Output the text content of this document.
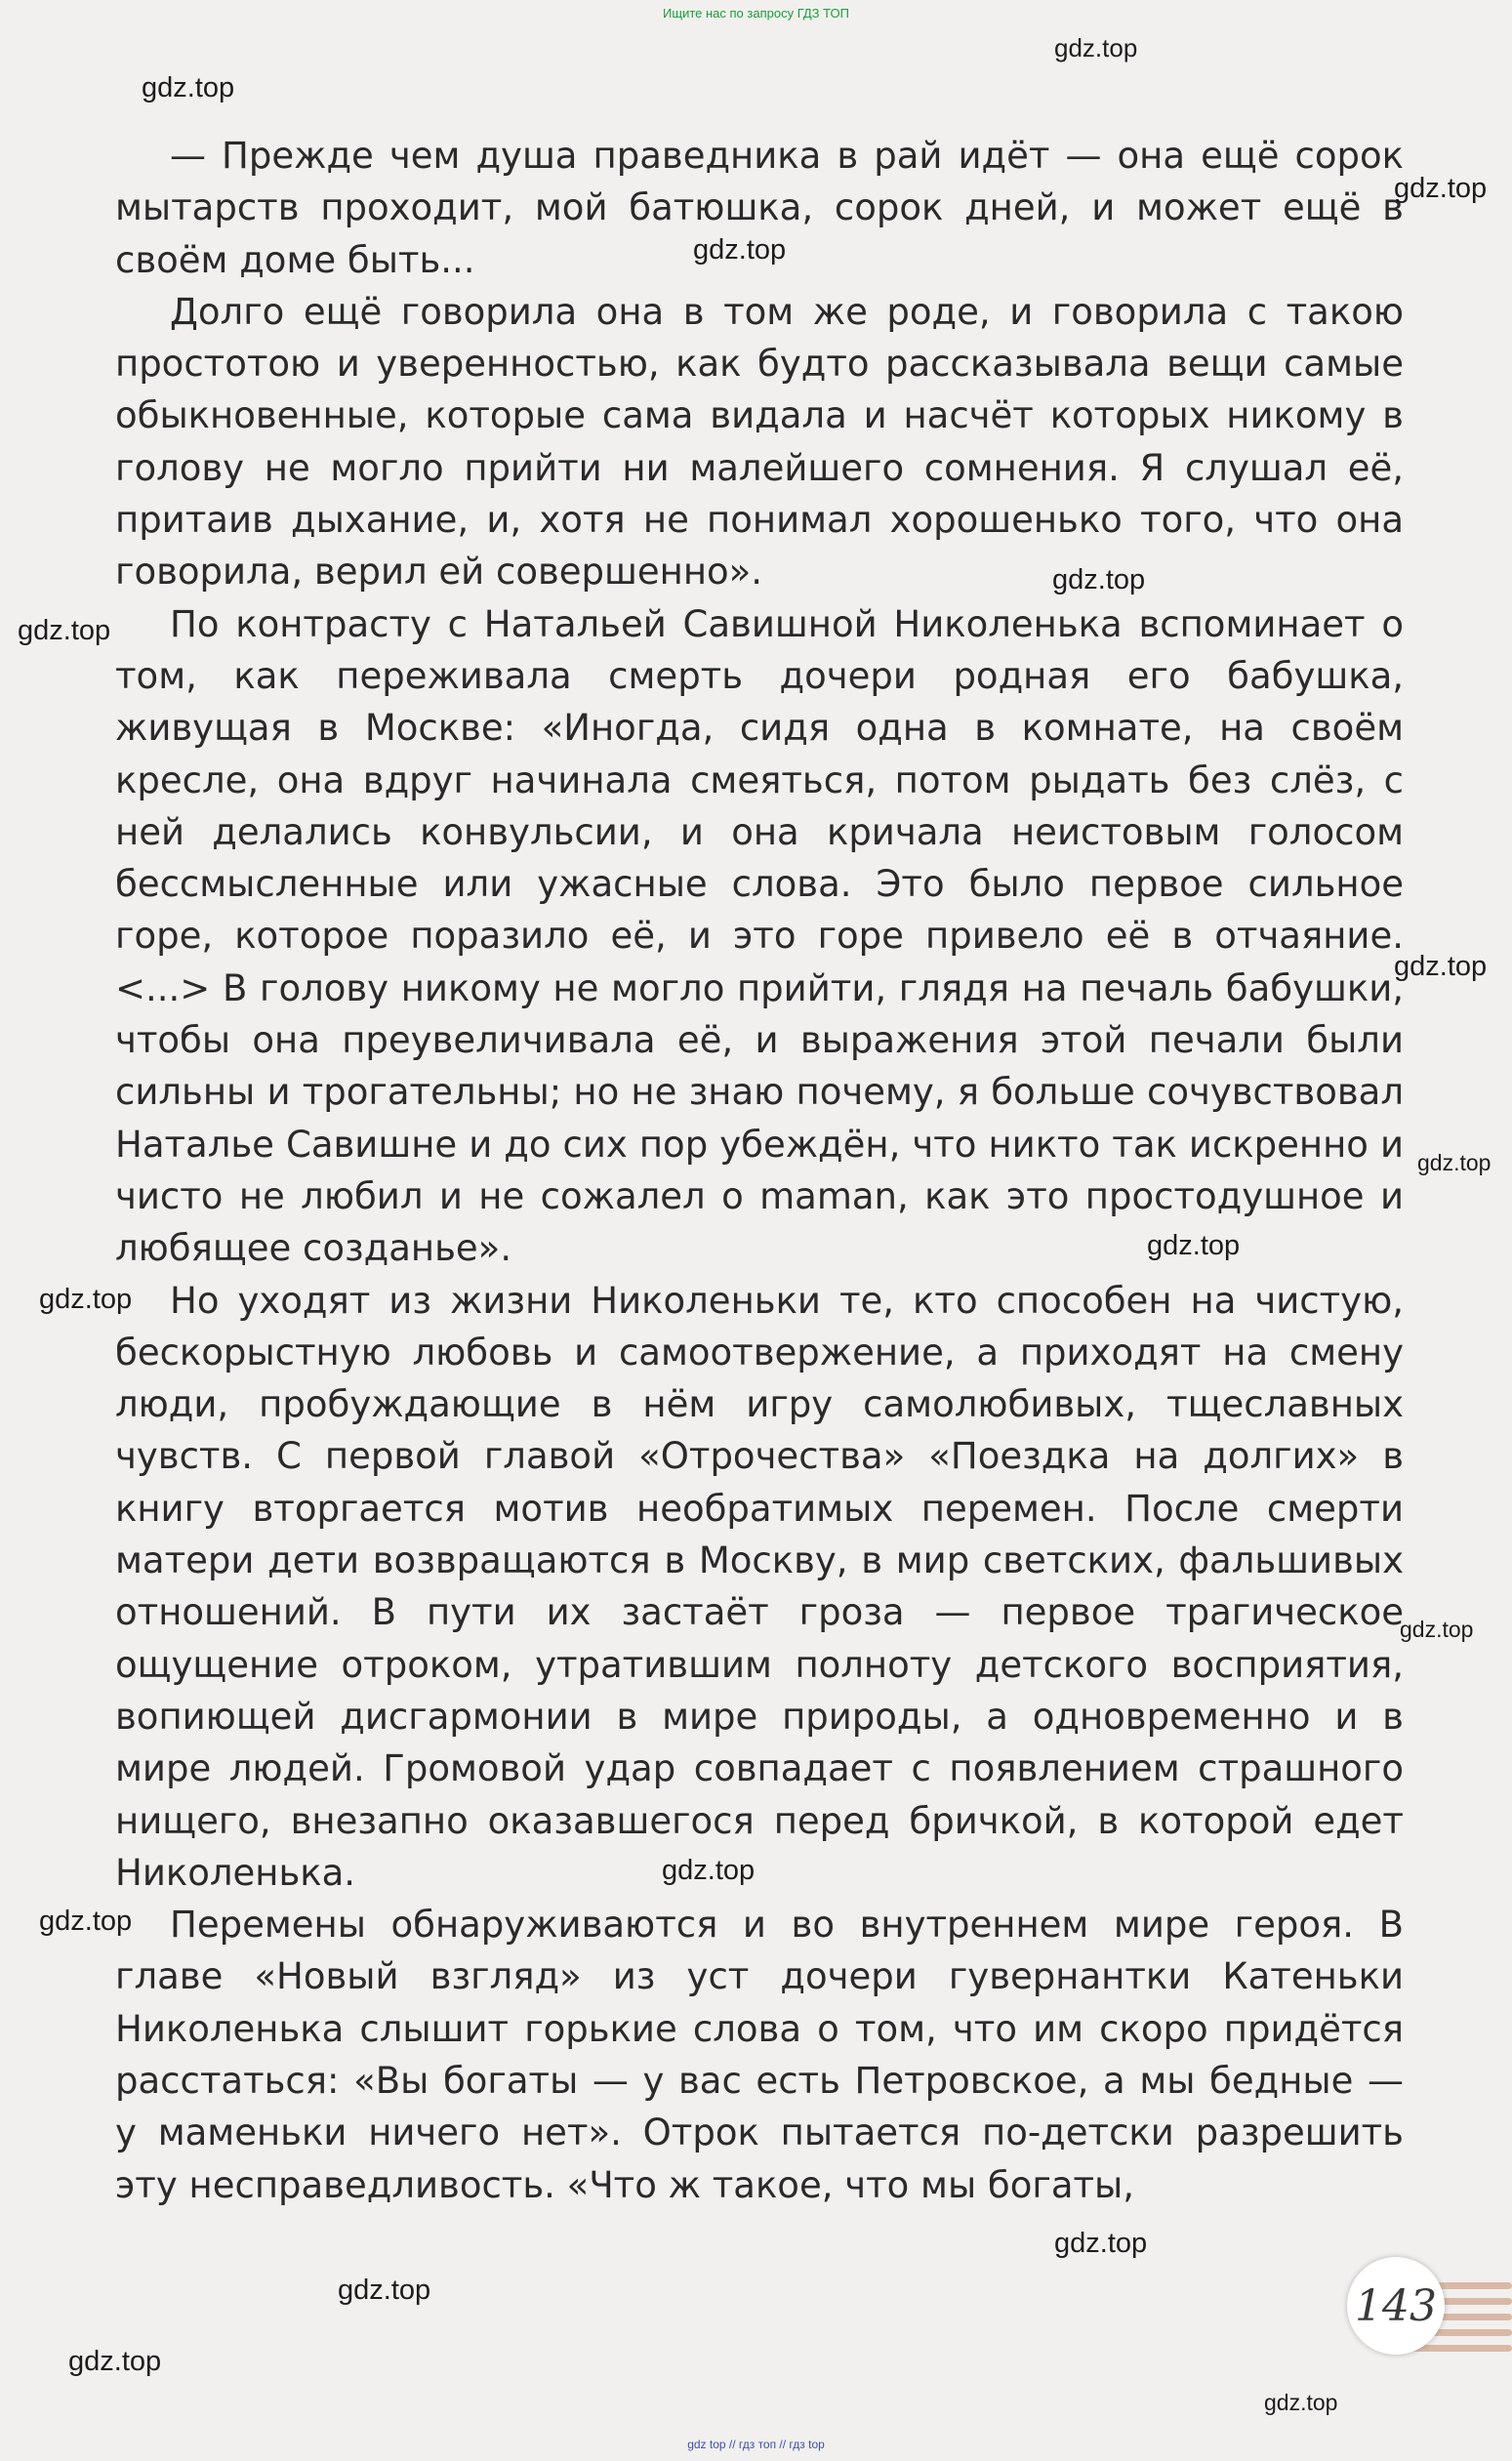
Ищите нас по запросу ГДЗ ТОП

— Прежде чем душа праведника в рай идёт — она ещё сорок мытарств проходит, мой батюшка, сорок дней, и может ещё в своём доме быть...

Долго ещё говорила она в том же роде, и говорила с такою простотою и уверенностью, как будто рассказывала вещи самые обыкновенные, которые сама видала и насчёт которых никому в голову не могло прийти ни малейшего сомнения. Я слушал её, притаив дыхание, и, хотя не понимал хорошенько того, что она говорила, верил ей совершенно».

По контрасту с Натальей Савишной Николенька вспоминает о том, как переживала смерть дочери родная его бабушка, живущая в Москве: «Иногда, сидя одна в комнате, на своём кресле, она вдруг начинала смеяться, потом рыдать без слёз, с ней делались конвульсии, и она кричала неистовым голосом бессмысленные или ужасные слова. Это было первое сильное горе, которое поразило её, и это горе привело её в отчаяние. <...> В голову никому не могло прийти, глядя на печаль бабушки, чтобы она преувеличивала её, и выражения этой печали были сильны и трогательны; но не знаю почему, я больше сочувствовал Наталье Савишне и до сих пор убеждён, что никто так искренно и чисто не любил и не сожалел о maman, как это простодушное и любящее созданье».

Но уходят из жизни Николеньки те, кто способен на чистую, бескорыстную любовь и самоотвержение, а приходят на смену люди, пробуждающие в нём игру самолюбивых, тщеславных чувств. С первой главой «Отрочества» «Поездка на долгих» в книгу вторгается мотив необратимых перемен. После смерти матери дети возвращаются в Москву, в мир светских, фальшивых отношений. В пути их застаёт гроза — первое трагическое ощущение отроком, утратившим полноту детского восприятия, вопиющей дисгармонии в мире природы, а одновременно и в мире людей. Громовой удар совпадает с появлением страшного нищего, внезапно оказавшегося перед бричкой, в которой едет Николенька.

Перемены обнаруживаются и во внутреннем мире героя. В главе «Новый взгляд» из уст дочери гувернантки Катеньки Николенька слышит горькие слова о том, что им скоро придётся расстаться: «Вы богаты — у вас есть Петровское, а мы бедные — у маменьки ничего нет». Отрок пытается по-детски разрешить эту несправедливость. «Что ж такое, что мы богаты,

gdz.top
gdz.top
gdz.top
gdz.top
gdz.top
gdz.top
gdz.top
gdz.top
gdz.top
gdz.top
gdz.top
gdz.top
gdz.top
gdz.top
gdz.top
gdz.top
gdz.top
143
gdz top // гдз топ // гдз top
